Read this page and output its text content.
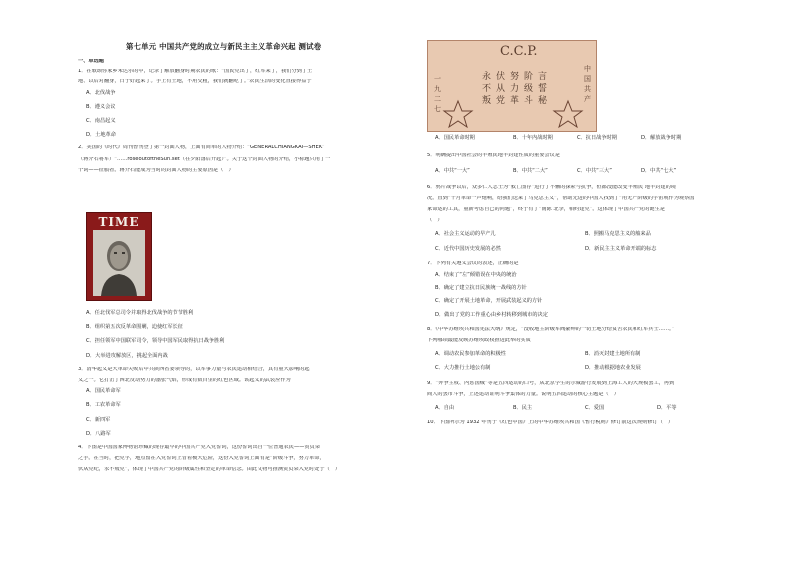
第七单元 中国共产党的成立与新民主主义革命兴起 测试卷

一、单选题

1．在歌颂你家乡米达尔的中，记录了解放翻身时期农民的歌：“国民党出了，红军来了，我们分到了土

地、以后对翻身，日子好起来了。手上有土地，不用交租，我们就翻吃了。”农民生活的变化直接得益于

A．北伐战争

B．遵义会议

C．南昌起义

D．土地革命

2．美国的《时代》周刊曾刊登了第一封面人物，上面有简单的人物介绍：“GENERALCHIANGKAI—SHEK”

（蒋介石将军）“……roseoutoftheSun.set（在夕阳落后升起）”。关于这个封面人物的介绍，小标题只用了一

个词——征服者。蒋介石能成为当时的封面人物的主要原因是（　）

TIME

A．任北伐军总司令并取得北伐战争的节节胜利

B．组织第五次反革命围剿，迫使红军长征

C．担任领军中国联军司令，领导中国军民取得抗日战争胜利

D．大举进攻解放区，挑起全面内战

3．清华起义是大革命失败后中共陕西省委领导的，以军事力量与农民运动相结合，具有重大影响的起

义之一。它打击了西北反动势力的嚣张气焰，形成有数百里的红色区域。该起义的武装应作为

A．国民革命军

B．工农革命军

C．新四军

D．八路军

4．下图是中国国家博物馆珍藏的现存最早的中国共产党入党誓词，这份誓词出自一位普通农民——贺页朵

之手。在当时，把党字，地点留在入党誓词上冒着极大危险，这份入党誓词上面有是“阶级斗争，努力革命，

伏从党纪，永不叛党”，体现了中国共产党的阶级属性和坚定的革命信念。由此文物可推测贺页朵入党时处于（　）

C.C.P.
言
誓
秘
阶
级
斗
努
力
革
伏
从
党
永
不
叛
一
九
二
七
中
国
共
产
A．国民革命时期	B．十年内战时期	C．抗日战争时期	D．解放战争时期

5．明确提出中国社会的半殖民地半封建性质的重要会议是

A．中共“一大”	B．中共“二大”	C．中共“三大”	D．中共“七大”

6．鸦片战争以后，众多仁人志士为“救亡图存”进行了不懈的探索与抗争，但都没能改变半殖民 地半封建的境

况。直到“十月革命一声炮响，给我们送来了马克思主义”，帮助先进的中国人找到了“用无产阶级的宇宙观作为观察国

家命运的工具，重新考虑自己的问题”，终于有了“南陈 北李，相约建党”。这体现了中国共产党的诞生是

（　）

A．社会主义运动的早产儿	B．照搬马克思主义的舶来品
C．近代中国历史发展的必然	D．新民主主义革命开端的标志

7．下列有关遵义会议的表述，正确的是

A．结束了“左”倾错误在中央的统治

B．确定了建立抗日民族统一战线的方针

C．确定了开展土地革命，开展武装起义的方针

D．做出了党的工作重心由乡村转移到城市的决定

8．《中华苏维埃共和国宪法大纲》规定，“没收地主阶级军阀豪绅的一切土地分给贫苦农民和红军兵士……。”

下列哪项最能反映苏维埃政权推进此举的实质

A．调动农民参加革命的积极性	B．消灭封建土地所有制
C．大力推行土地公有制	D．推动根据地农业发展

9．“外争主权、内惩国贼”等是五四运动的口号，从北京学生的示威游行发展到上海工人的大规模罢工，再到

商人的罢市斗争，上述运动证明斗争集体的力量。说明五四运动的核心主题是（　）

A．自由	B．民主	C．爱国	D．平等

10．下图所示为 1932 年刊于《红色中国》上的中华苏维埃共和国《暂行税则》修订前这次规则修订（　）
